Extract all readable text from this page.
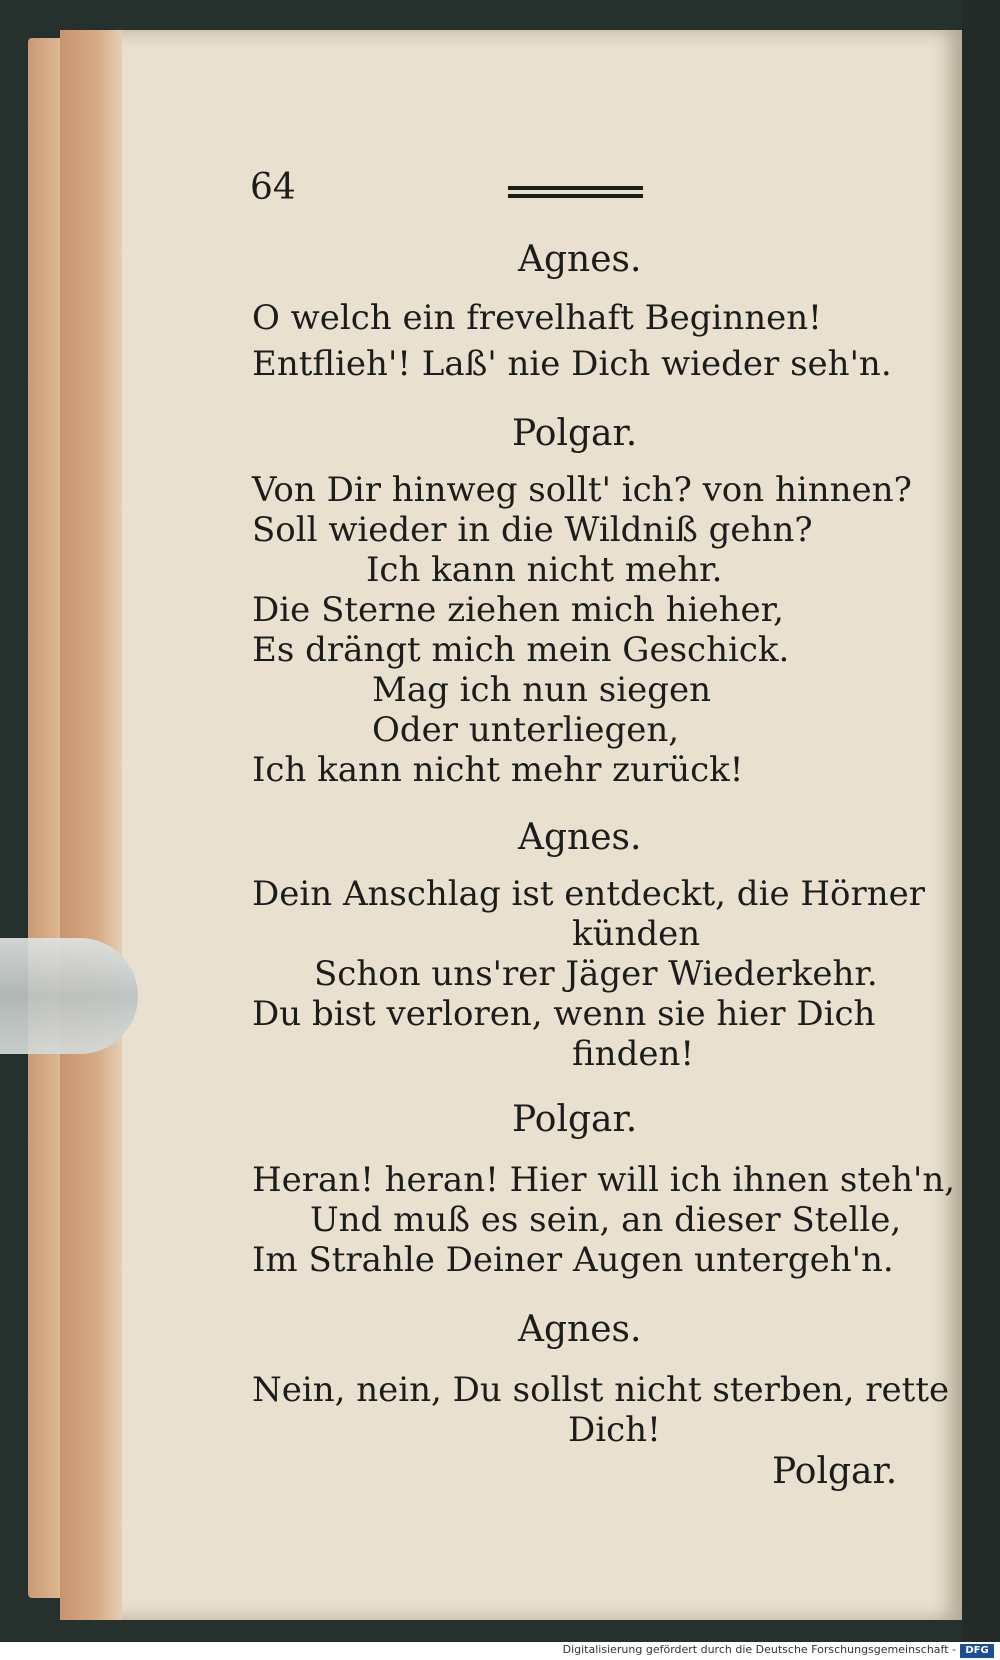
64
Agnes.
O welch ein frevelhaft Beginnen!
Entflieh'! Laß' nie Dich wieder seh'n.
Polgar.
Von Dir hinweg sollt' ich? von hinnen?
Soll wieder in die Wildniß gehn?
Ich kann nicht mehr.
Die Sterne ziehen mich hieher,
Es drängt mich mein Geschick.
Mag ich nun siegen
Oder unterliegen,
Ich kann nicht mehr zurück!
Agnes.
Dein Anschlag ist entdeckt, die Hörner
künden
Schon uns'rer Jäger Wiederkehr.
Du bist verloren, wenn sie hier Dich
finden!
Polgar.
Heran! heran! Hier will ich ihnen steh'n,
Und muß es sein, an dieser Stelle,
Im Strahle Deiner Augen untergeh'n.
Agnes.
Nein, nein, Du sollst nicht sterben, rette
Dich!
Polgar.
Digitalisierung gefördert durch die Deutsche Forschungsgemeinschaft - DFG
